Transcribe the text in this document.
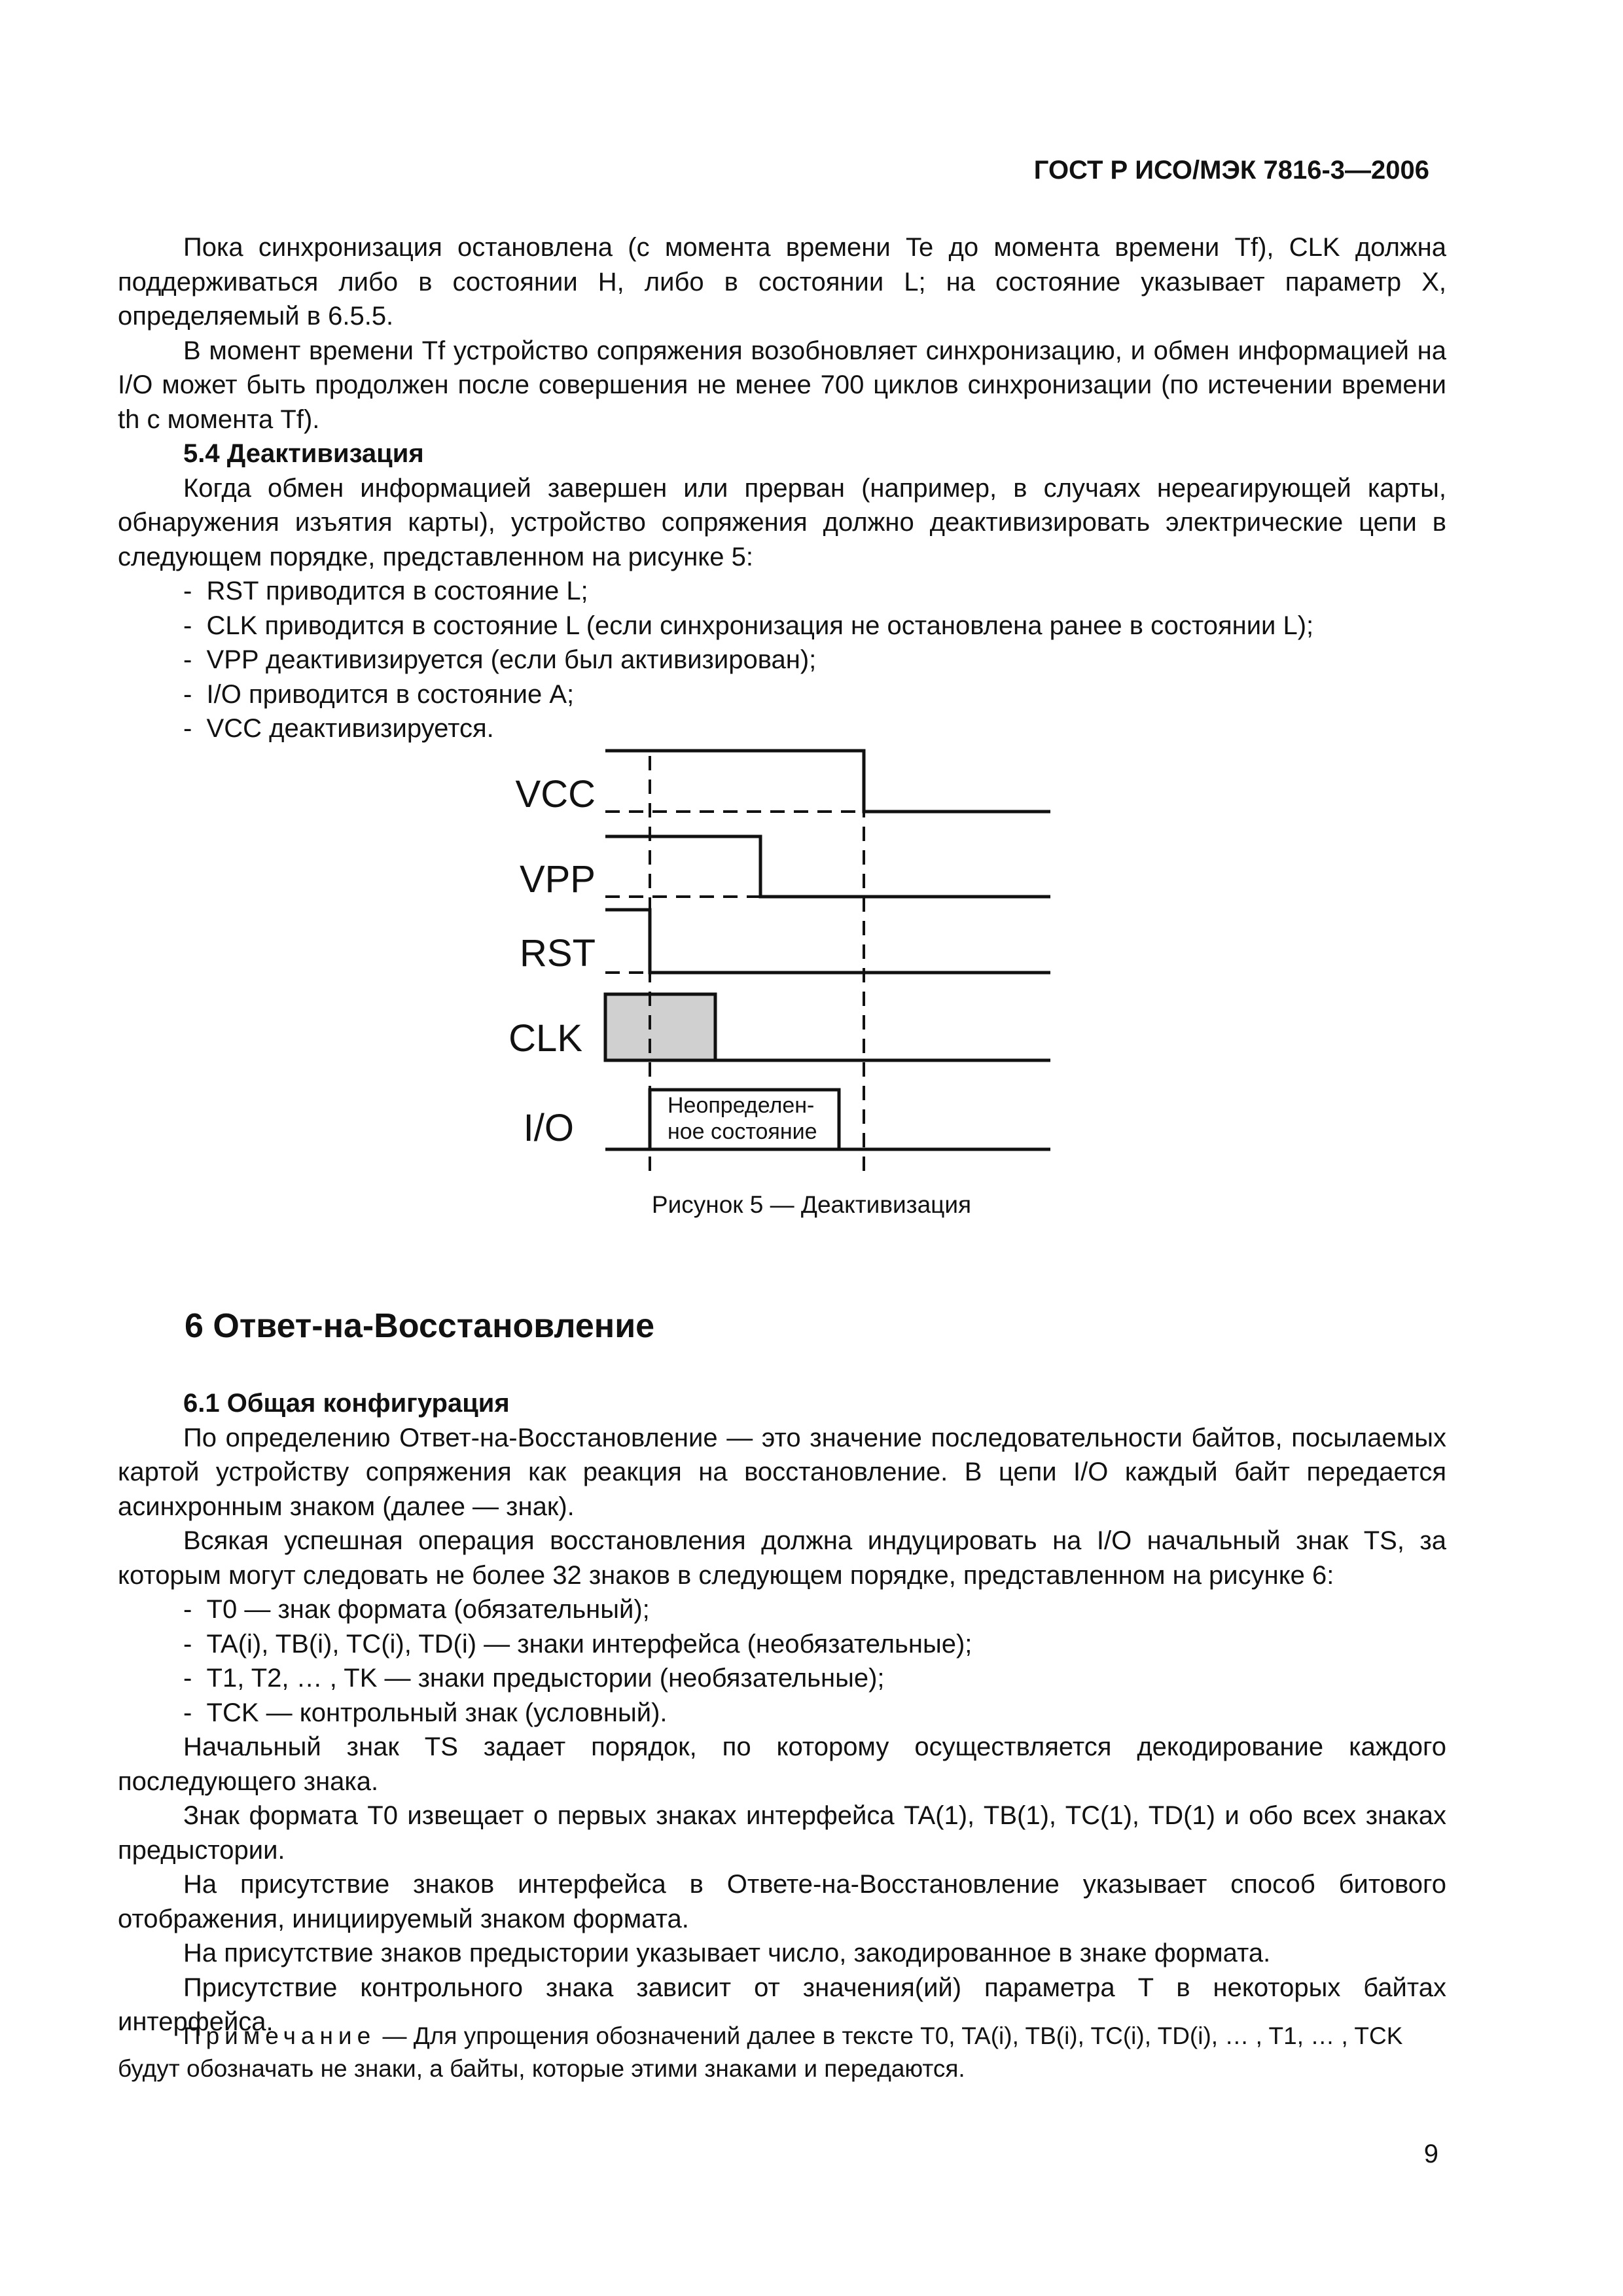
ГОСТ Р ИСО/МЭК 7816-3—2006

Пока синхронизация остановлена (с момента времени Te до момента времени Tf), CLK должна поддерживаться либо в состоянии H, либо в состоянии L; на состояние указывает параметр X, определяемый в 6.5.5.

В момент времени Tf устройство сопряжения возобновляет синхронизацию, и обмен информацией на I/O может быть продолжен после совершения не менее 700 циклов синхронизации (по истечении времени th с момента Tf).

5.4 Деактивизация

Когда обмен информацией завершен или прерван (например, в случаях нереагирующей карты, обнаружения изъятия карты), устройство сопряжения должно деактивизировать электрические цепи в следующем порядке, представленном на рисунке 5:

-  RST приводится в состояние L;
-  CLK приводится в состояние L (если синхронизация не остановлена ранее в состоянии L);
-  VPP деактивизируется (если был активизирован);
-  I/O приводится в состояние A;
-  VCC деактивизируется.
VCC
VPP
RST
CLK
I/O
Неопределен-
ное состояние
Рисунок 5 — Деактивизация
6 Ответ-на-Восстановление
6.1 Общая конфигурация

По определению Ответ-на-Восстановление — это значение последовательности байтов, посылаемых картой устройству сопряжения как реакция на восстановление. В цепи I/O каждый байт передается асинхронным знаком (далее — знак).

Всякая успешная операция восстановления должна индуцировать на I/O начальный знак TS, за которым могут следовать не более 32 знаков в следующем порядке, представленном на рисунке 6:

-  T0 — знак формата (обязательный);
-  TA(i), TB(i), TC(i), TD(i) — знаки интерфейса (необязательные);
-  T1, T2, … , TK — знаки предыстории (необязательные);
-  TCK — контрольный знак (условный).

Начальный знак TS задает порядок, по которому осуществляется декодирование каждого последующего знака.

Знак формата T0 извещает о первых знаках интерфейса TA(1), TB(1), TC(1), TD(1) и обо всех знаках предыстории.

На присутствие знаков интерфейса в Ответе-на-Восстановление указывает способ битового отображения, инициируемый знаком формата.

На присутствие знаков предыстории указывает число, закодированное в знаке формата.

Присутствие контрольного знака зависит от значения(ий) параметра T в некоторых байтах интерфейса.

Примечание — Для упрощения обозначений далее в тексте T0, TA(i), TB(i), TC(i), TD(i), … , T1, … , TCK будут обозначать не знаки, а байты, которые этими знаками и передаются.
9
